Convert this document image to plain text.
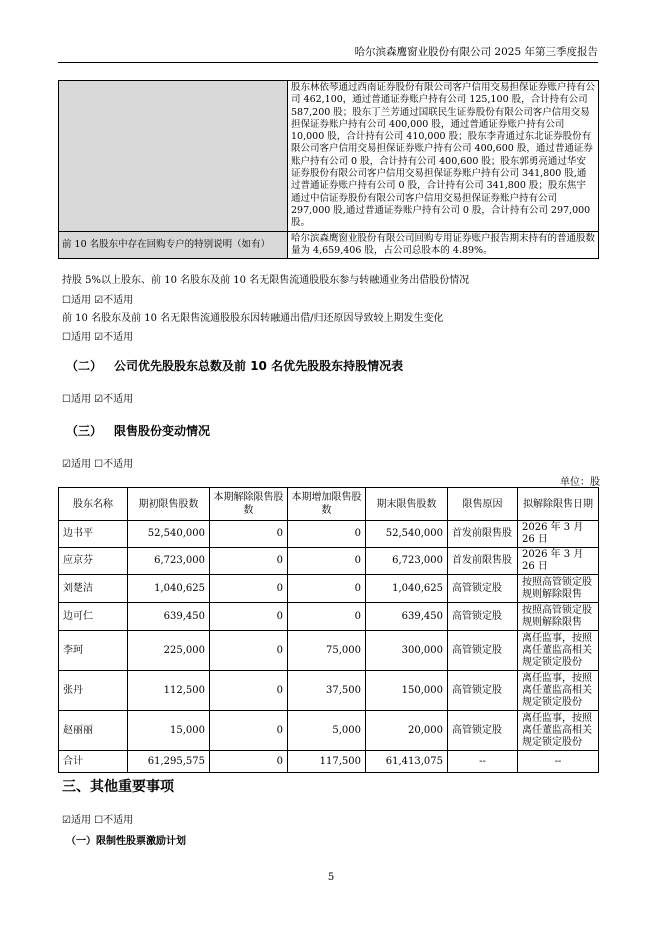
哈尔滨森鹰窗业股份有限公司 2025 年第三季度报告
	股东林依琴通过西南证券股份有限公司客户信用交易担保证券账户持有公司 462,100，通过普通证券账户持有公司 125,100 股，合计持有公司 587,200 股；股东丁兰芳通过国联民生证券股份有限公司客户信用交易担保证券账户持有公司 400,000 股，通过普通证券账户持有公司 10,000 股，合计持有公司 410,000 股；股东李青通过东北证券股份有限公司客户信用交易担保证券账户持有公司 400,600 股，通过普通证券账户持有公司 0 股，合计持有公司 400,600 股；股东郭勇亮通过华安证券股份有限公司客户信用交易担保证券账户持有公司 341,800 股,通过普通证券账户持有公司 0 股，合计持有公司 341,800 股；股东焦宇通过中信证券股份有限公司客户信用交易担保证券账户持有公司 297,000 股,通过普通证券账户持有公司 0 股，合计持有公司 297,000 股。
前 10 名股东中存在回购专户的特别说明（如有）	哈尔滨森鹰窗业股份有限公司回购专用证券账户报告期末持有的普通股数量为 4,659,406 股，占公司总股本的 4.89%。
持股 5%以上股东、前 10 名股东及前 10 名无限售流通股股东参与转融通业务出借股份情况
☐适用 ☑不适用
前 10 名股东及前 10 名无限售流通股股东因转融通出借/归还原因导致较上期发生变化
☐适用 ☑不适用
（二） 公司优先股股东总数及前 10 名优先股股东持股情况表
☐适用 ☑不适用
（三） 限售股份变动情况
☑适用 ☐不适用
单位：股
股东名称	期初限售股数	本期解除限售股数	本期增加限售股数	期末限售股数	限售原因	拟解除限售日期
边书平	52,540,000	0	0	52,540,000	首发前限售股	2026 年 3 月 26 日
应京芬	6,723,000	0	0	6,723,000	首发前限售股	2026 年 3 月 26 日
刘楚洁	1,040,625	0	0	1,040,625	高管锁定股	按照高管锁定股规则解除限售
边可仁	639,450	0	0	639,450	高管锁定股	按照高管锁定股规则解除限售
李珂	225,000	0	75,000	300,000	高管锁定股	离任监事，按照离任董监高相关规定锁定股份
张丹	112,500	0	37,500	150,000	高管锁定股	离任监事，按照离任董监高相关规定锁定股份
赵丽丽	15,000	0	5,000	20,000	高管锁定股	离任监事，按照离任董监高相关规定锁定股份
合计	61,295,575	0	117,500	61,413,075	--	--
三、其他重要事项
☑适用 ☐不适用
（一）限制性股票激励计划
5
